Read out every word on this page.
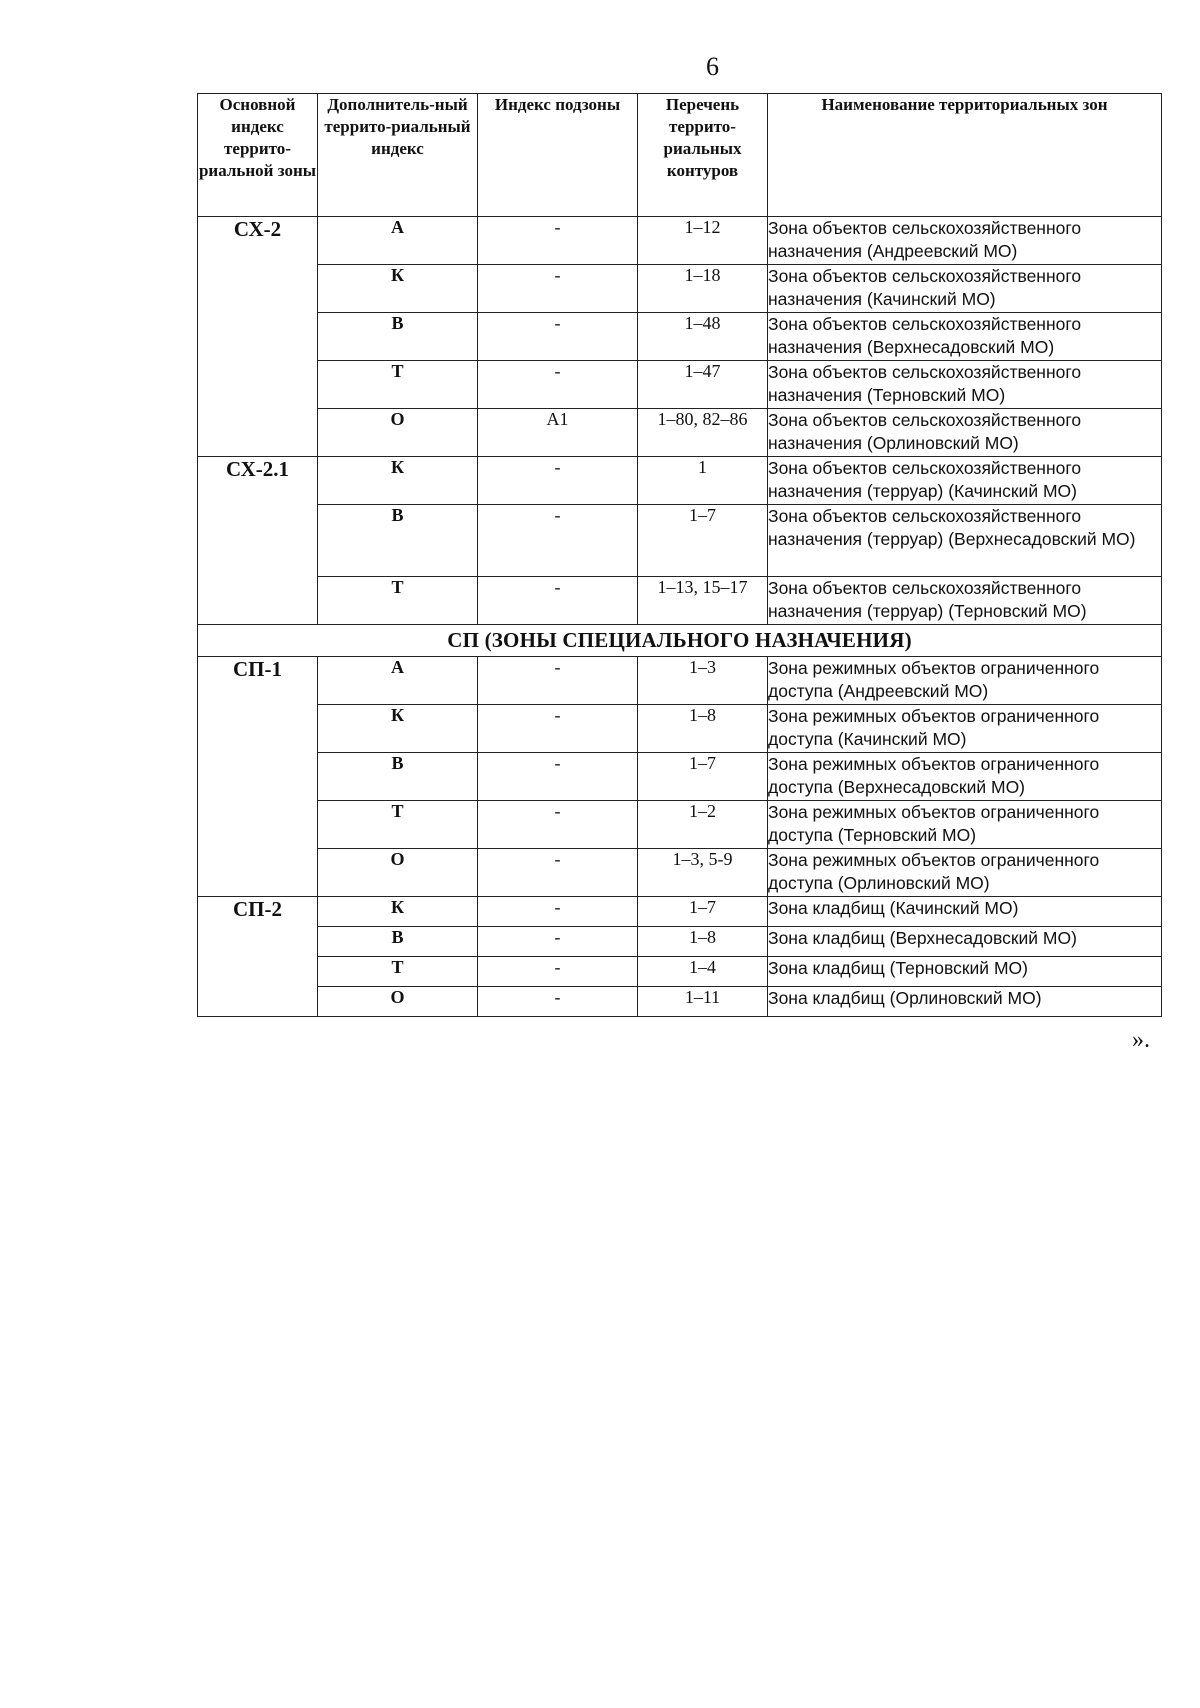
6
Основной индекс террито-риальной зоны	Дополнитель-ный террито-риальный индекс	Индекс подзоны	Перечень террито-риальных контуров	Наименование территориальных зон
СХ-2	А	-	1–12	Зона объектов сельскохозяйственного назначения (Андреевский МО)
	К	-	1–18	Зона объектов сельскохозяйственного назначения (Качинский МО)
	В	-	1–48	Зона объектов сельскохозяйственного назначения (Верхнесадовский МО)
	Т	-	1–47	Зона объектов сельскохозяйственного назначения (Терновский МО)
	О	А1	1–80, 82–86	Зона объектов сельскохозяйственного назначения (Орлиновский МО)
СХ-2.1	К	-	1	Зона объектов сельскохозяйственного назначения (терруар) (Качинский МО)
	В	-	1–7	Зона объектов сельскохозяйственного назначения (терруар) (Верхнесадовский МО)
	Т	-	1–13, 15–17	Зона объектов сельскохозяйственного назначения (терруар) (Терновский МО)
СП (ЗОНЫ СПЕЦИАЛЬНОГО НАЗНАЧЕНИЯ)				
СП-1	А	-	1–3	Зона режимных объектов ограниченного доступа (Андреевский МО)
	К	-	1–8	Зона режимных объектов ограниченного доступа (Качинский МО)
	В	-	1–7	Зона режимных объектов ограниченного доступа (Верхнесадовский МО)
	Т	-	1–2	Зона режимных объектов ограниченного доступа (Терновский МО)
	О	-	1–3, 5-9	Зона режимных объектов ограниченного доступа (Орлиновский МО)
СП-2	К	-	1–7	Зона кладбищ (Качинский МО)
	В	-	1–8	Зона кладбищ (Верхнесадовский МО)
	Т	-	1–4	Зона кладбищ (Терновский МО)
	О	-	1–11	Зона кладбищ (Орлиновский МО)
».
